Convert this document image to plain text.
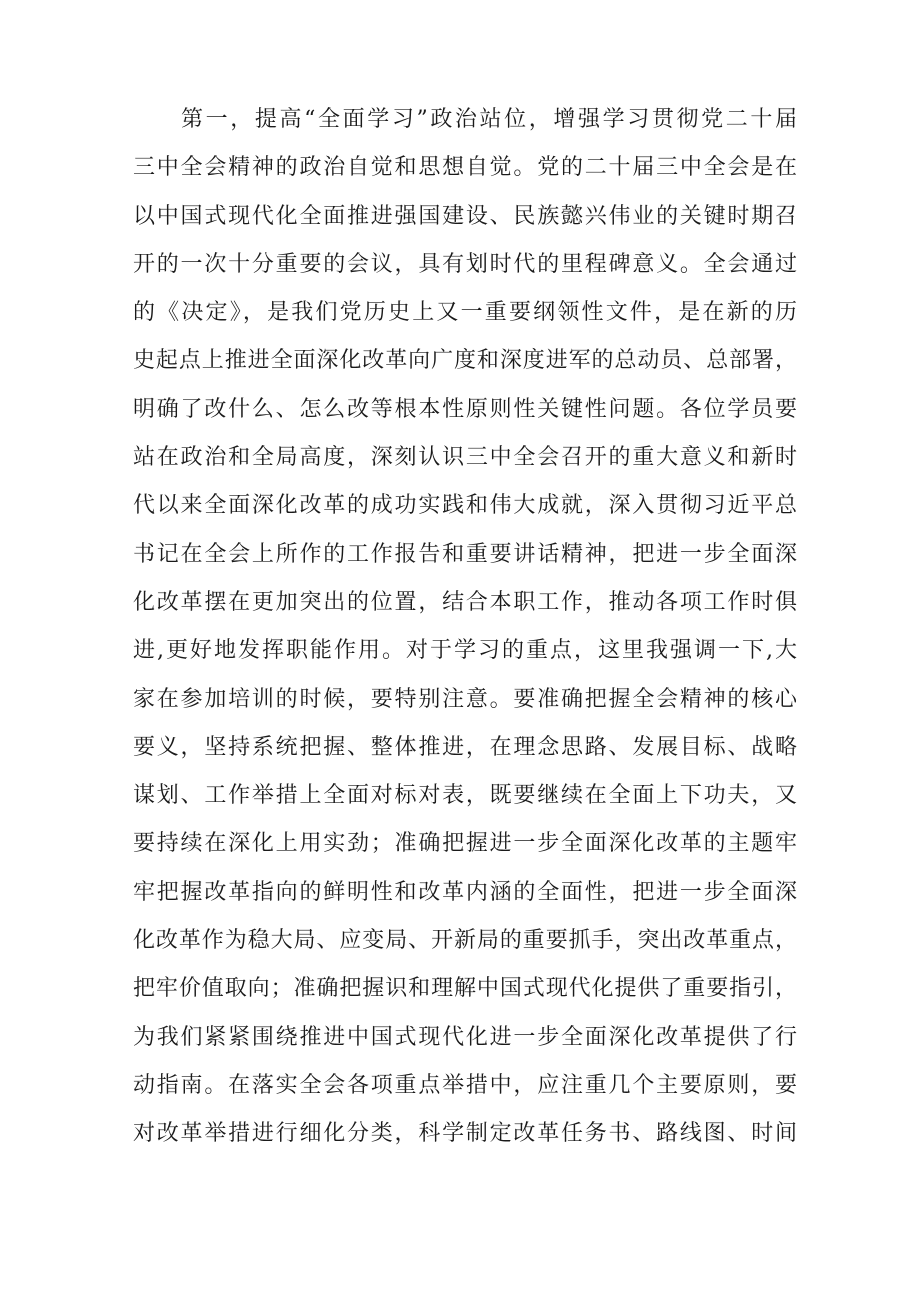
第一，提高“全面学习”政治站位，增强学习贯彻党二十届
三中全会精神的政治自觉和思想自觉。党的二十届三中全会是在
以中国式现代化全面推进强国建设、民族懿兴伟业的关键时期召
开的一次十分重要的会议，具有划时代的里程碑意义。全会通过
的《决定》，是我们党历史上又一重要纲领性文件，是在新的历
史起点上推进全面深化改革向广度和深度进军的总动员、总部署，
明确了改什么、怎么改等根本性原则性关键性问题。各位学员要
站在政治和全局高度，深刻认识三中全会召开的重大意义和新时
代以来全面深化改革的成功实践和伟大成就，深入贯彻习近平总
书记在全会上所作的工作报告和重要讲话精神，把进一步全面深
化改革摆在更加突出的位置，结合本职工作，推动各项工作时俱
进,更好地发挥职能作用。对于学习的重点，这里我强调一下,大
家在参加培训的时候，要特别注意。要准确把握全会精神的核心
要义，坚持系统把握、整体推进，在理念思路、发展目标、战略
谋划、工作举措上全面对标对表，既要继续在全面上下功夫，又
要持续在深化上用实劲；准确把握进一步全面深化改革的主题牢
牢把握改革指向的鲜明性和改革内涵的全面性，把进一步全面深
化改革作为稳大局、应变局、开新局的重要抓手，突出改革重点，
把牢价值取向；准确把握识和理解中国式现代化提供了重要指引，
为我们紧紧围绕推进中国式现代化进一步全面深化改革提供了行
动指南。在落实全会各项重点举措中，应注重几个主要原则，要
对改革举措进行细化分类，科学制定改革任务书、路线图、时间
